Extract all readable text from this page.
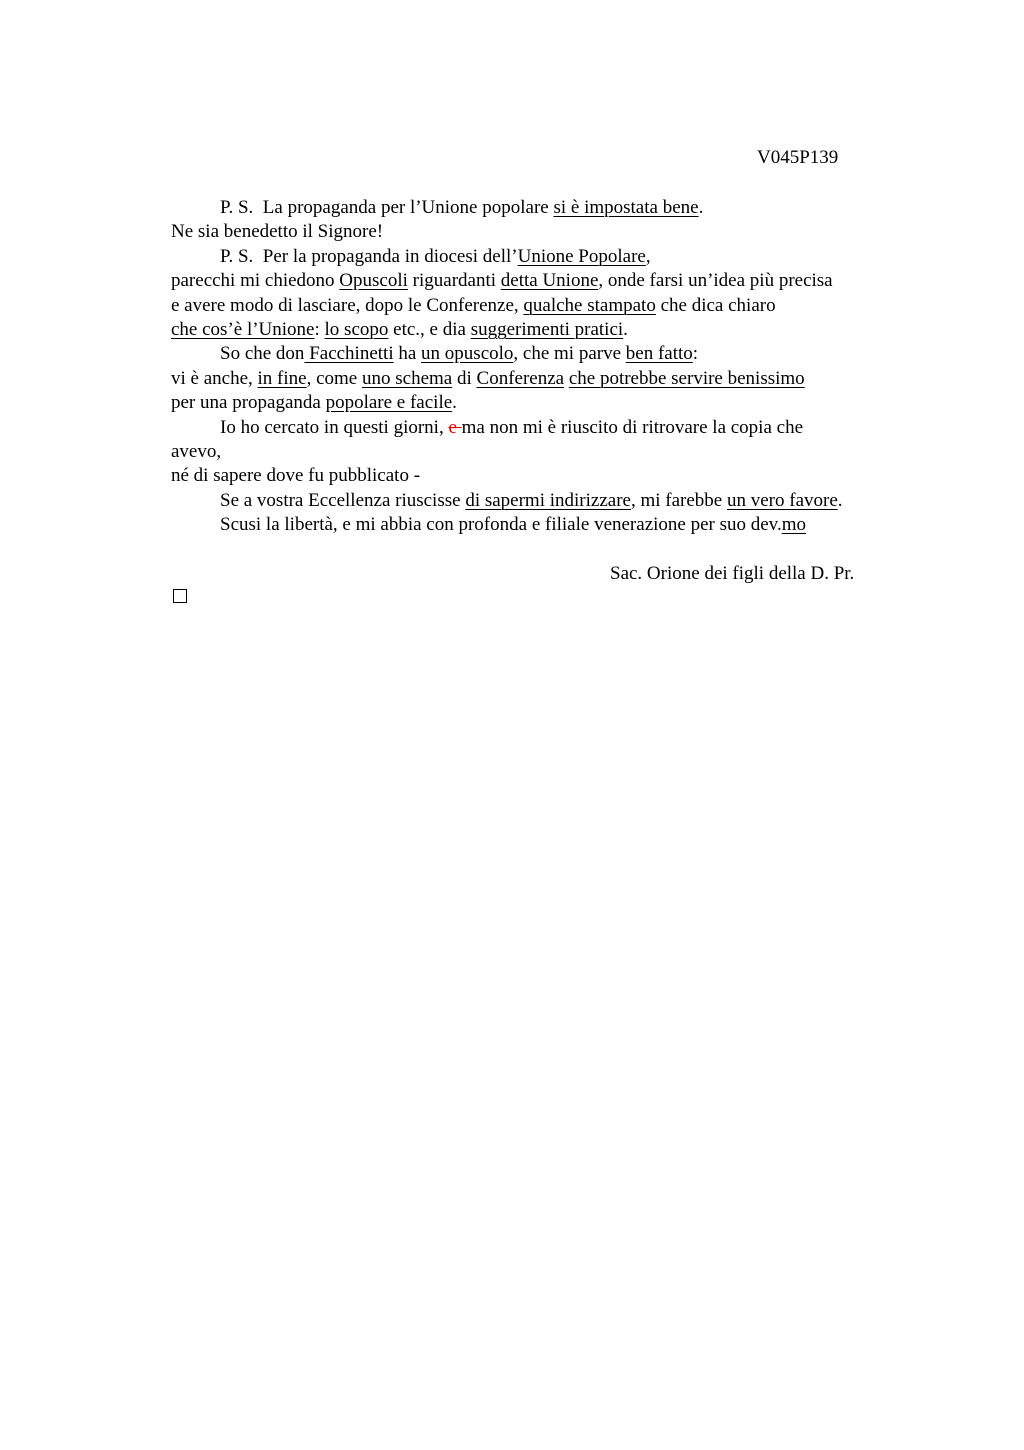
V045P139
P. S.  La propaganda per l’Unione popolare si è impostata bene.
Ne sia benedetto il Signore!
P. S.  Per la propaganda in diocesi dell’Unione Popolare,
parecchi mi chiedono Opuscoli riguardanti detta Unione, onde farsi un’idea più precisa
e avere modo di lasciare, dopo le Conferenze, qualche stampato che dica chiaro
che cos’è l’Unione: lo scopo etc., e dia suggerimenti pratici.
So che don Facchinetti ha un opuscolo, che mi parve ben fatto:
vi è anche, in fine, come uno schema di Conferenza che potrebbe servire benissimo
per una propaganda popolare e facile.
Io ho cercato in questi giorni, e ma non mi è riuscito di ritrovare la copia che
avevo,
né di sapere dove fu pubblicato -
Se a vostra Eccellenza riuscisse di sapermi indirizzare, mi farebbe un vero favore.
Scusi la libertà, e mi abbia con profonda e filiale venerazione per suo dev.mo
Sac. Orione dei figli della D. Pr.
